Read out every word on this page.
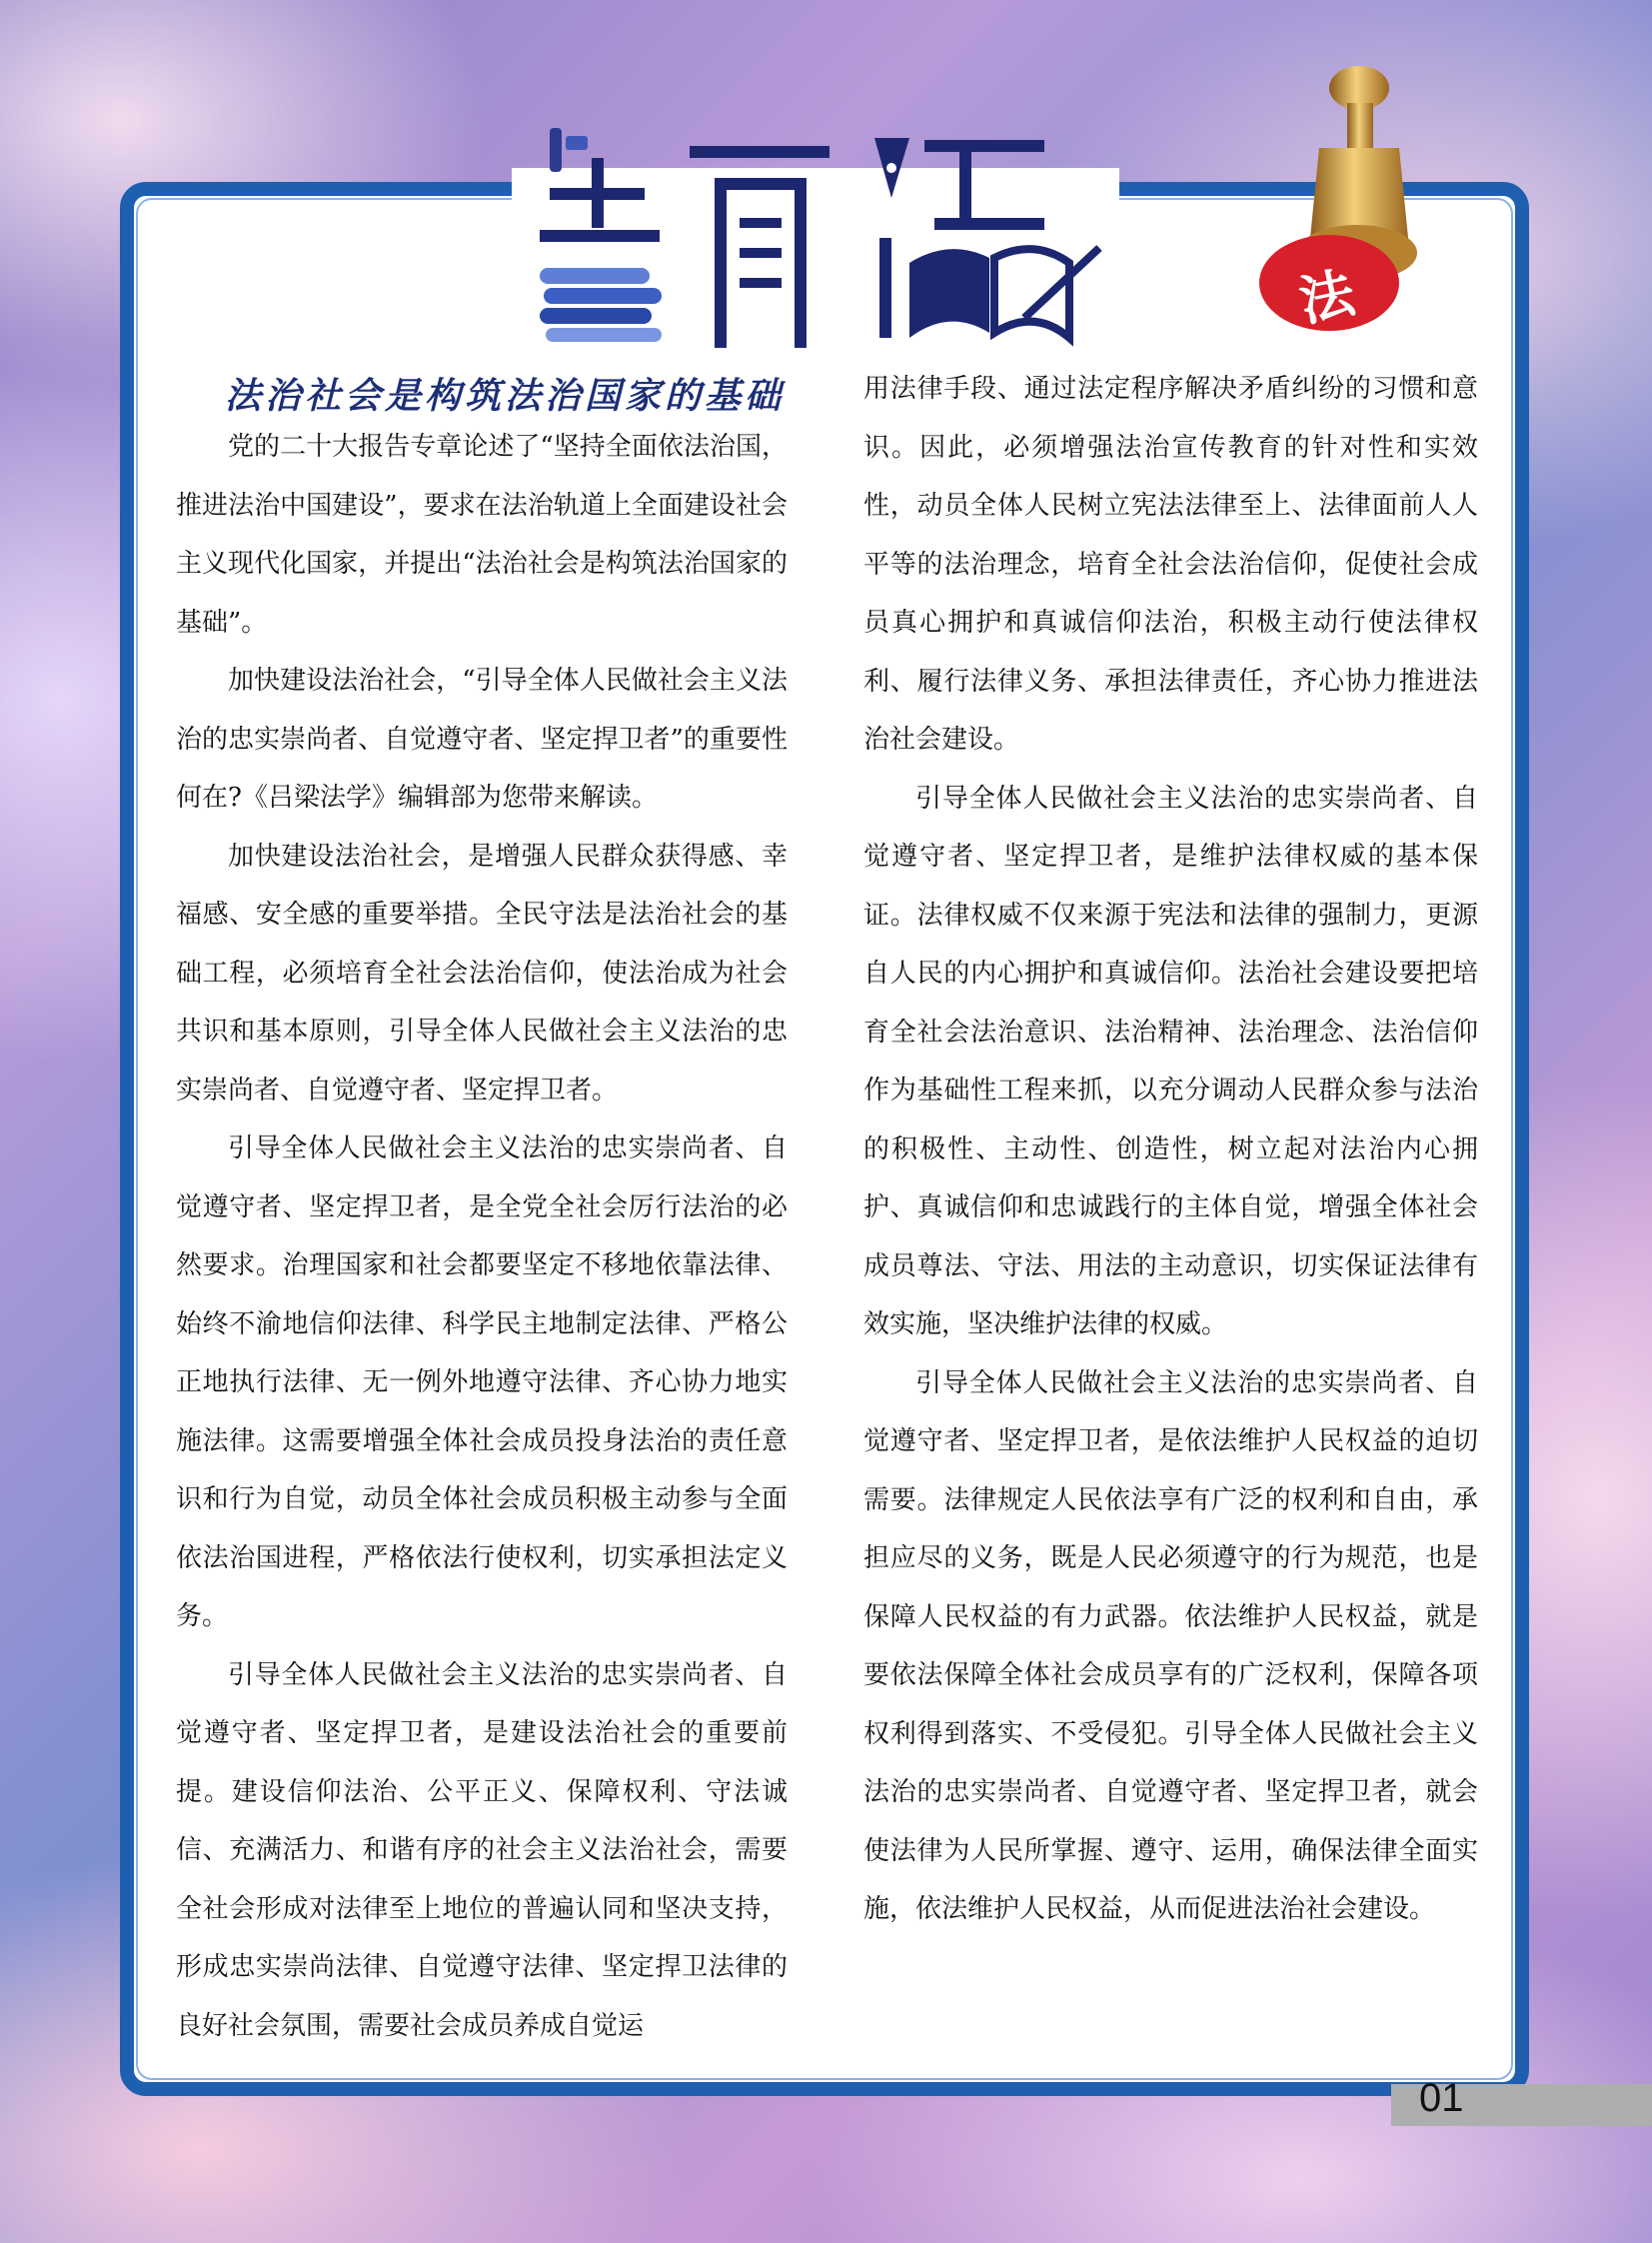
法
法治社会是构筑法治国家的基础

党的二十大报告专章论述了“坚持全面依法治国，推进法治中国建设”，要求在法治轨道上全面建设社会主义现代化国家，并提出“法治社会是构筑法治国家的基础”。

加快建设法治社会，“引导全体人民做社会主义法治的忠实崇尚者、自觉遵守者、坚定捍卫者”的重要性何在?《吕梁法学》编辑部为您带来解读。

加快建设法治社会，是增强人民群众获得感、幸福感、安全感的重要举措。全民守法是法治社会的基础工程，必须培育全社会法治信仰，使法治成为社会共识和基本原则，引导全体人民做社会主义法治的忠实崇尚者、自觉遵守者、坚定捍卫者。

引导全体人民做社会主义法治的忠实崇尚者、自觉遵守者、坚定捍卫者，是全党全社会厉行法治的必然要求。治理国家和社会都要坚定不移地依靠法律、始终不渝地信仰法律、科学民主地制定法律、严格公正地执行法律、无一例外地遵守法律、齐心协力地实施法律。这需要增强全体社会成员投身法治的责任意识和行为自觉，动员全体社会成员积极主动参与全面依法治国进程，严格依法行使权利，切实承担法定义务。

引导全体人民做社会主义法治的忠实崇尚者、自觉遵守者、坚定捍卫者，是建设法治社会的重要前提。建设信仰法治、公平正义、保障权利、守法诚信、充满活力、和谐有序的社会主义法治社会，需要全社会形成对法律至上地位的普遍认同和坚决支持，形成忠实崇尚法律、自觉遵守法律、坚定捍卫法律的良好社会氛围，需要社会成员养成自觉运

用法律手段、通过法定程序解决矛盾纠纷的习惯和意识。因此，必须增强法治宣传教育的针对性和实效性，动员全体人民树立宪法法律至上、法律面前人人平等的法治理念，培育全社会法治信仰，促使社会成员真心拥护和真诚信仰法治，积极主动行使法律权利、履行法律义务、承担法律责任，齐心协力推进法治社会建设。

引导全体人民做社会主义法治的忠实崇尚者、自觉遵守者、坚定捍卫者，是维护法律权威的基本保证。法律权威不仅来源于宪法和法律的强制力，更源自人民的内心拥护和真诚信仰。法治社会建设要把培育全社会法治意识、法治精神、法治理念、法治信仰作为基础性工程来抓，以充分调动人民群众参与法治的积极性、主动性、创造性，树立起对法治内心拥护、真诚信仰和忠诚践行的主体自觉，增强全体社会成员尊法、守法、用法的主动意识，切实保证法律有效实施，坚决维护法律的权威。

引导全体人民做社会主义法治的忠实崇尚者、自觉遵守者、坚定捍卫者，是依法维护人民权益的迫切需要。法律规定人民依法享有广泛的权利和自由，承担应尽的义务，既是人民必须遵守的行为规范，也是保障人民权益的有力武器。依法维护人民权益，就是要依法保障全体社会成员享有的广泛权利，保障各项权利得到落实、不受侵犯。引导全体人民做社会主义法治的忠实崇尚者、自觉遵守者、坚定捍卫者，就会使法律为人民所掌握、遵守、运用，确保法律全面实施，依法维护人民权益，从而促进法治社会建设。

01
